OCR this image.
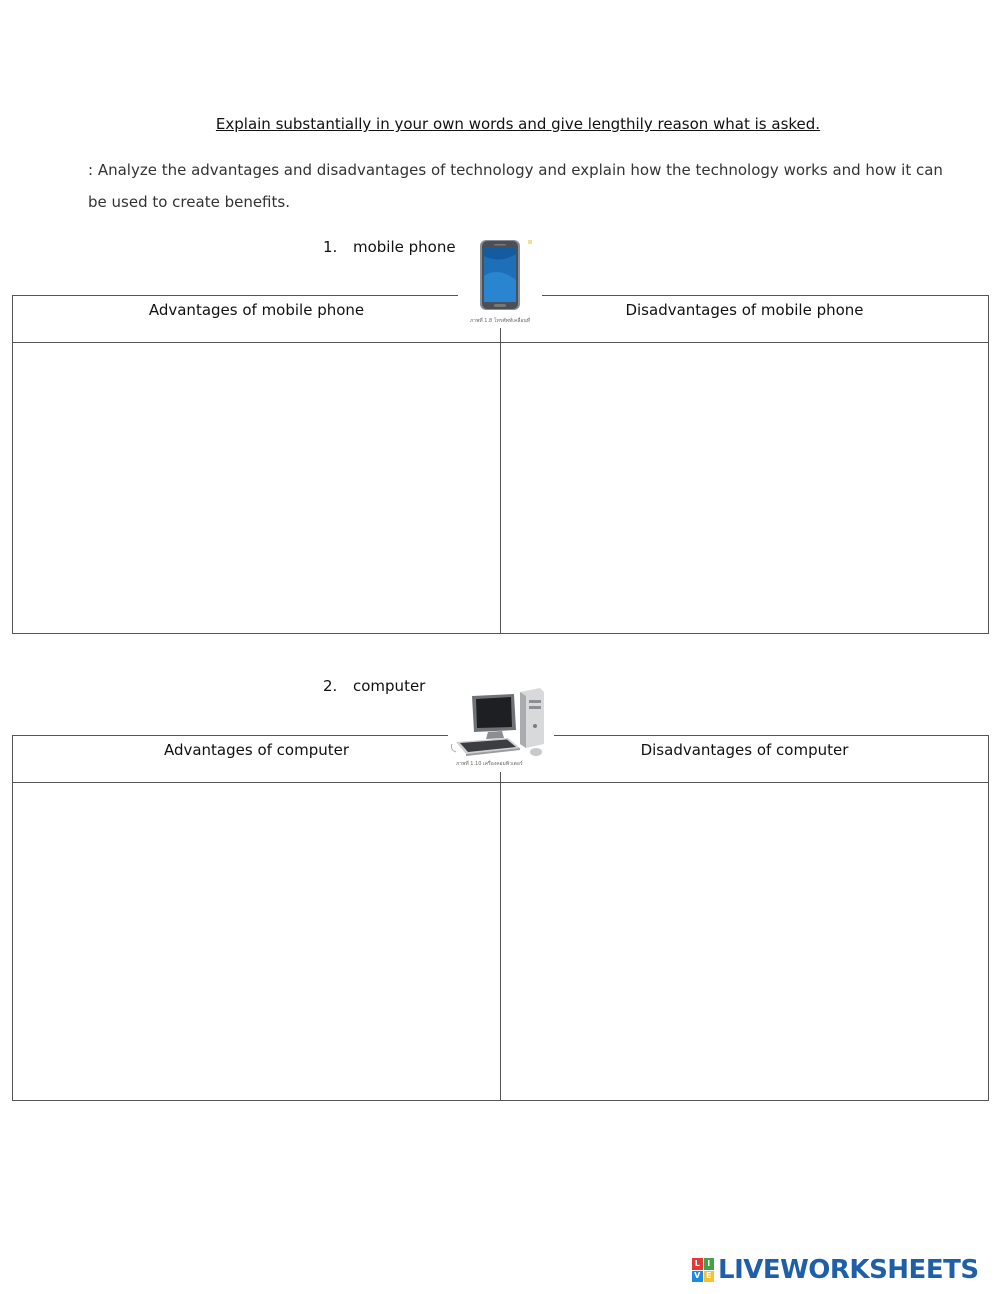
Explain substantially in your own words and give lengthily reason what is asked.
: Analyze the advantages and disadvantages of technology and explain how the technology works and how it can be used to create benefits.
1. mobile phone
Advantages of mobile phone	Disadvantages of mobile phone

ภาพที่ 1.8 โทรศัพท์เคลื่อนที่
2. computer
Advantages of computer	Disadvantages of computer

ภาพที่ 1.10 เครื่องคอมพิวเตอร์
L I
V E LIVEWORKSHEETS
